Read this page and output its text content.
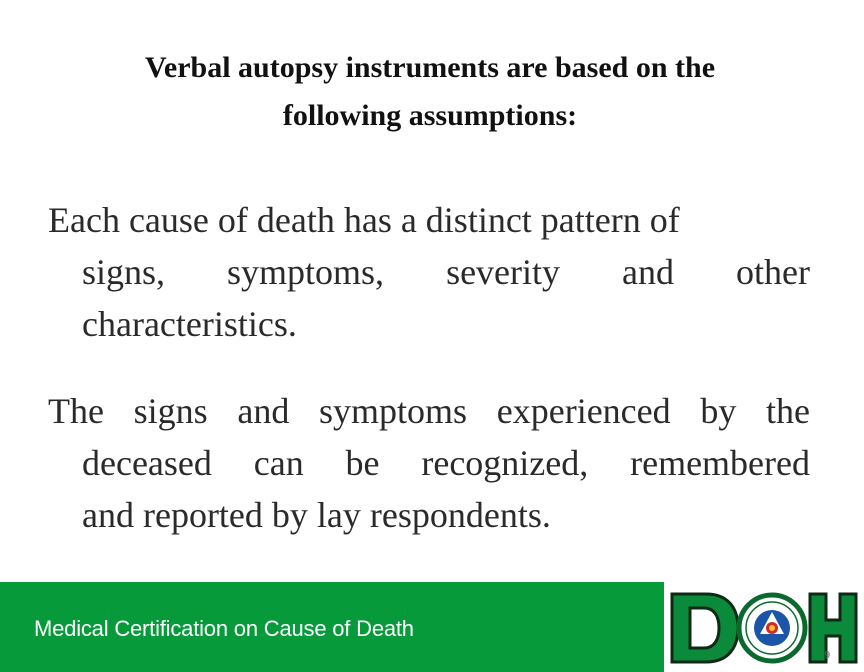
Verbal autopsy instruments are based on the
following assumptions:
Each cause of death has a distinct pattern of
signs, symptoms, severity and other
characteristics.
The signs and symptoms experienced by the
deceased can be recognized, remembered
and reported by lay respondents.
Medical Certification on Cause of Death
9
